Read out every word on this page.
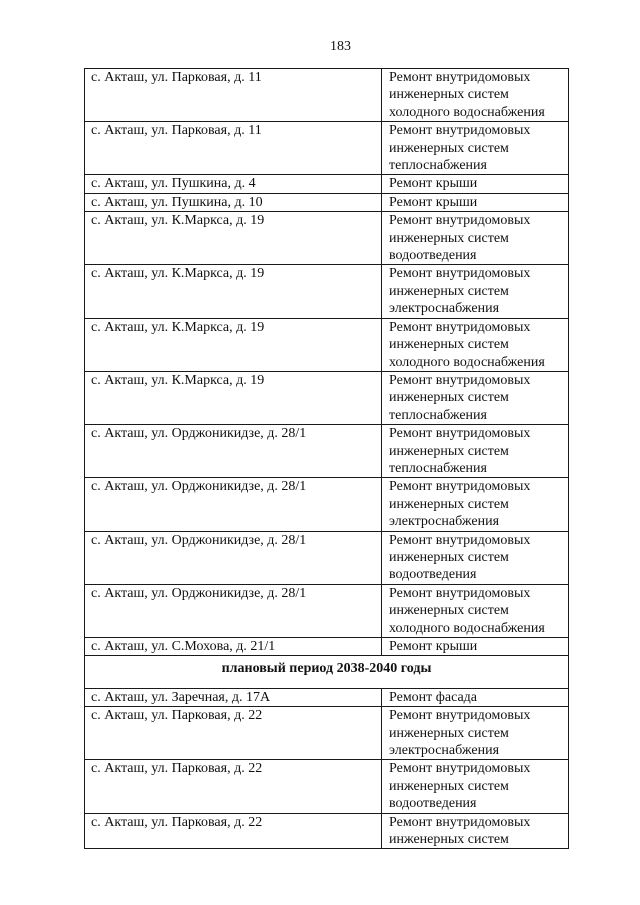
183
с. Акташ, ул. Парковая, д. 11	Ремонт внутридомовых
инженерных систем
холодного водоснабжения

с. Акташ, ул. Парковая, д. 11	Ремонт внутридомовых
инженерных систем
теплоснабжения

с. Акташ, ул. Пушкина, д. 4	Ремонт крыши

с. Акташ, ул. Пушкина, д. 10	Ремонт крыши

с. Акташ, ул. К.Маркса, д. 19	Ремонт внутридомовых
инженерных систем
водоотведения

с. Акташ, ул. К.Маркса, д. 19	Ремонт внутридомовых
инженерных систем
электроснабжения

с. Акташ, ул. К.Маркса, д. 19	Ремонт внутридомовых
инженерных систем
холодного водоснабжения

с. Акташ, ул. К.Маркса, д. 19	Ремонт внутридомовых
инженерных систем
теплоснабжения

с. Акташ, ул. Орджоникидзе, д. 28/1	Ремонт внутридомовых
инженерных систем
теплоснабжения

с. Акташ, ул. Орджоникидзе, д. 28/1	Ремонт внутридомовых
инженерных систем
электроснабжения

с. Акташ, ул. Орджоникидзе, д. 28/1	Ремонт внутридомовых
инженерных систем
водоотведения

с. Акташ, ул. Орджоникидзе, д. 28/1	Ремонт внутридомовых
инженерных систем
холодного водоснабжения

с. Акташ, ул. С.Мохова, д. 21/1	Ремонт крыши

плановый период 2038-2040 годы	
с. Акташ, ул. Заречная, д. 17А	Ремонт фасада

с. Акташ, ул. Парковая, д. 22	Ремонт внутридомовых
инженерных систем
электроснабжения

с. Акташ, ул. Парковая, д. 22	Ремонт внутридомовых
инженерных систем
водоотведения

с. Акташ, ул. Парковая, д. 22	Ремонт внутридомовых
инженерных систем
